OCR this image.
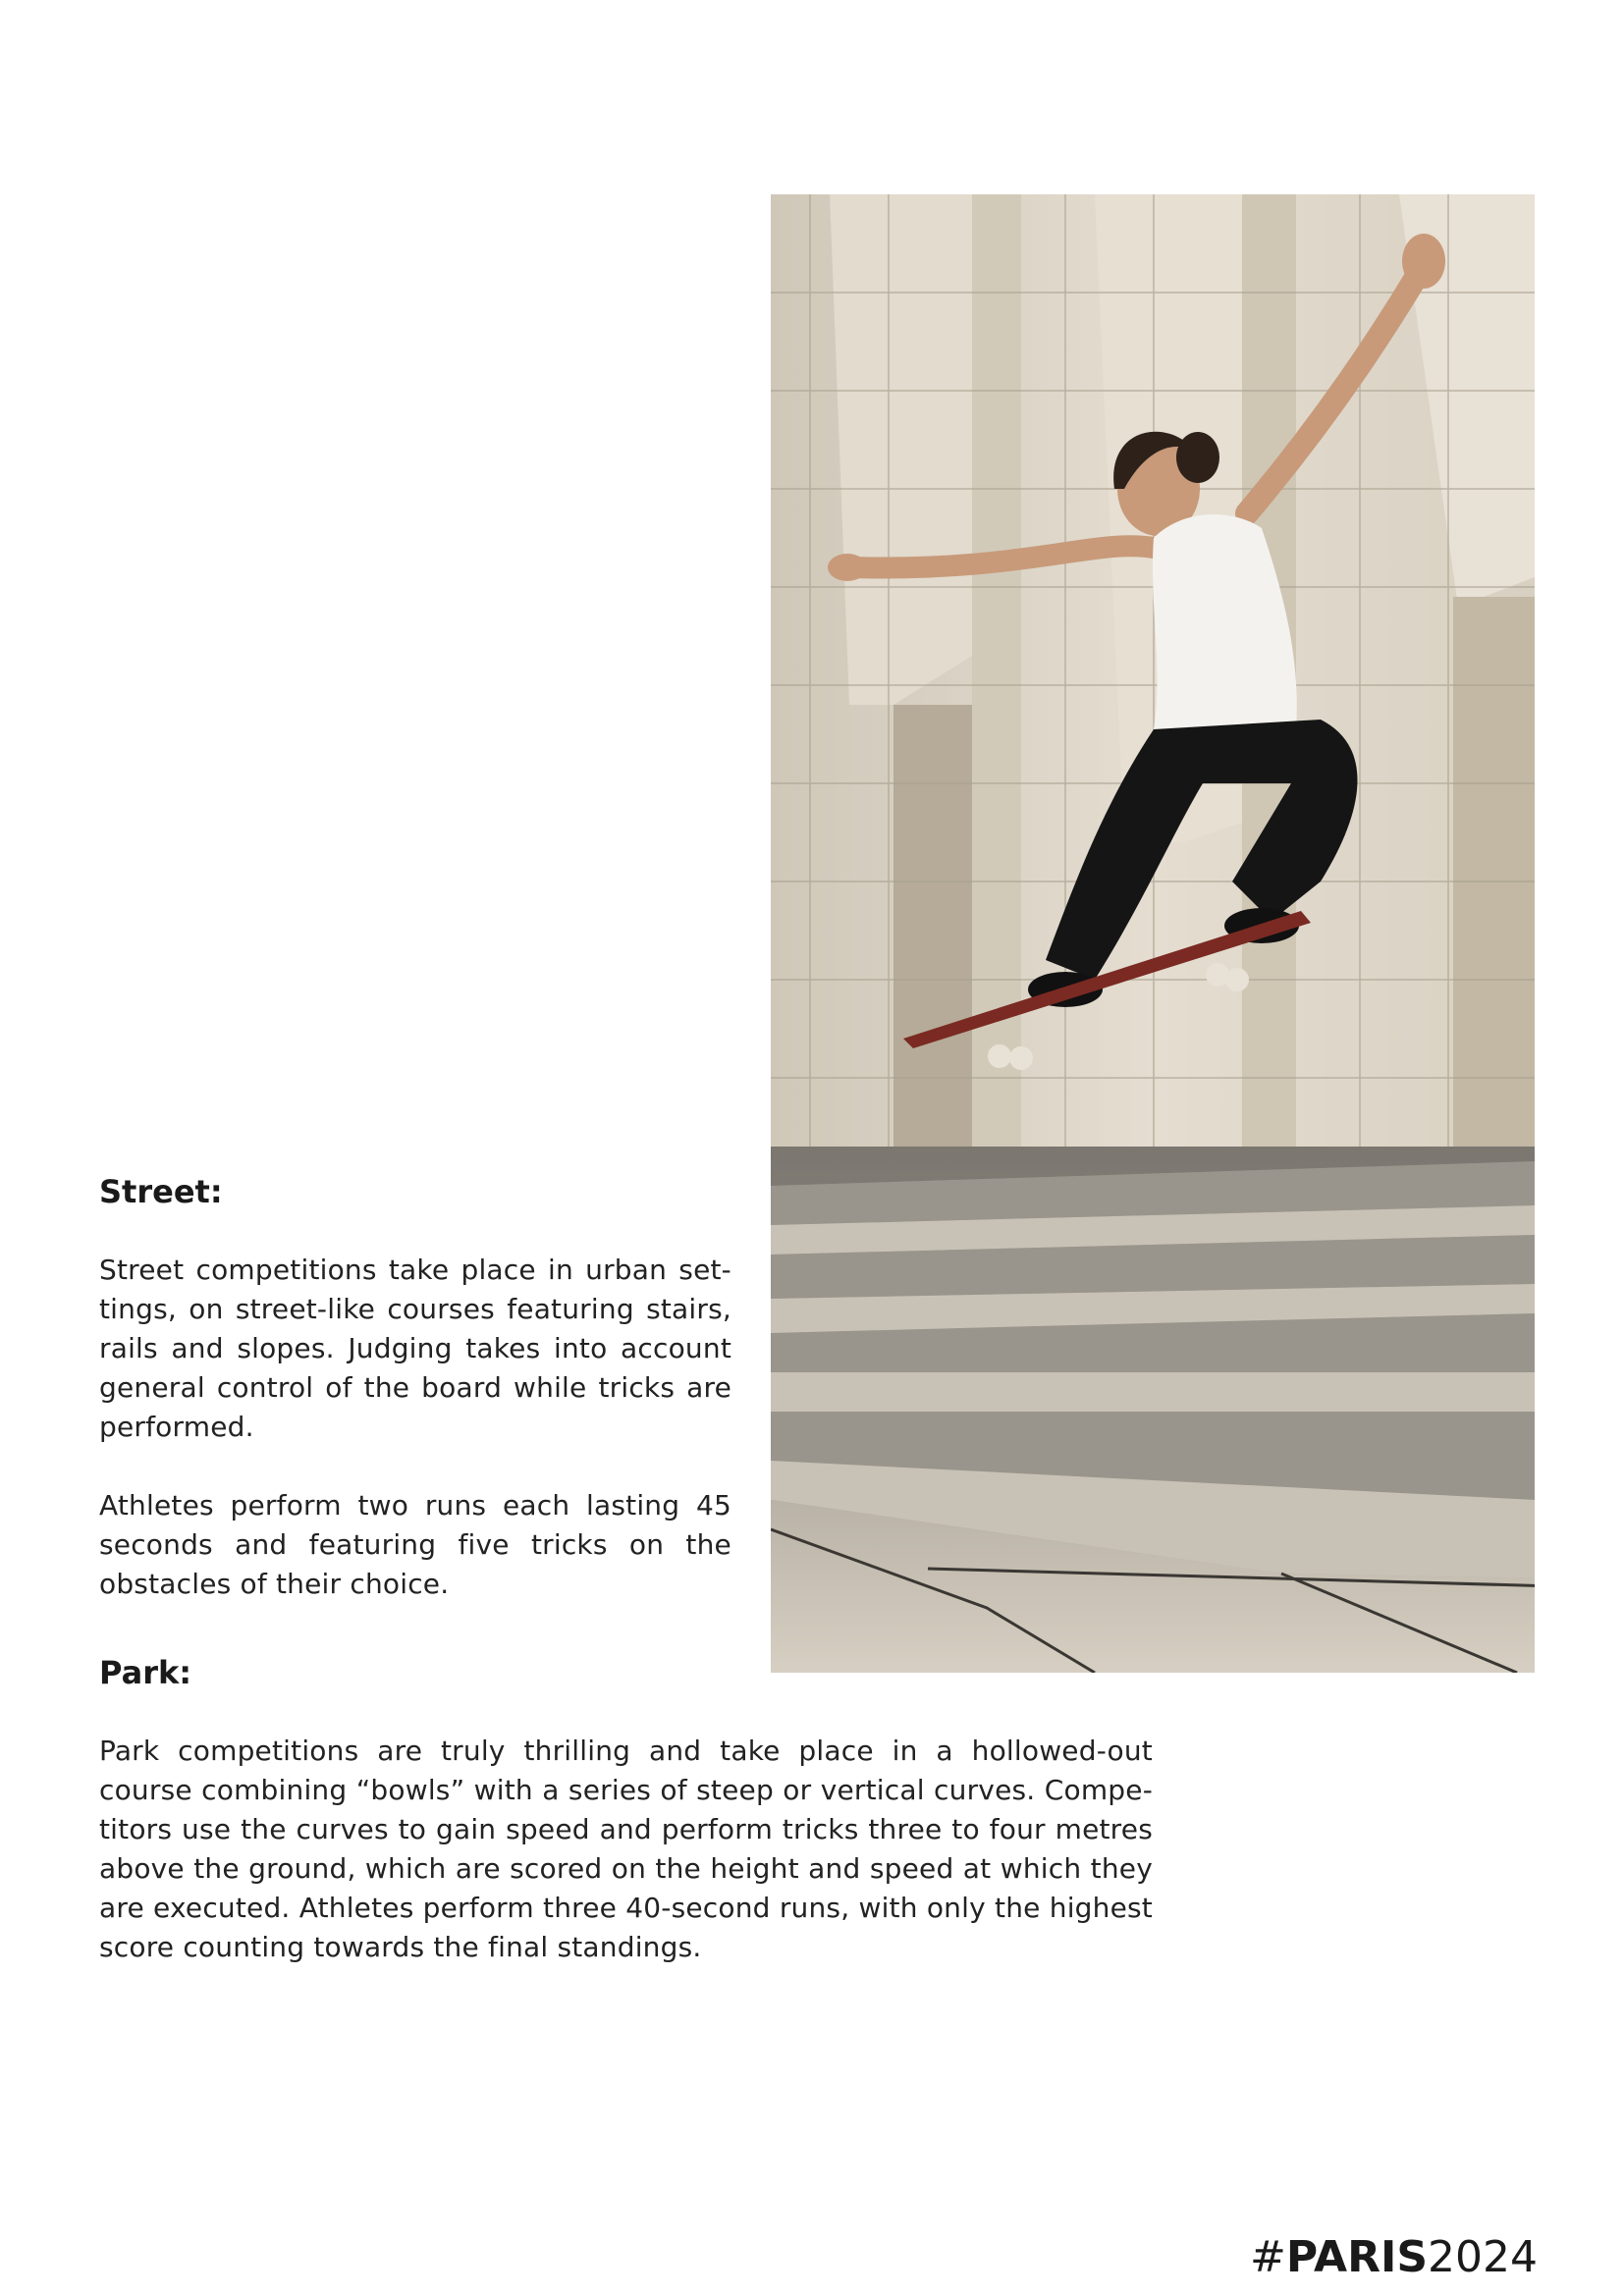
Street:

Street competitions take place in urban set- tings, on street-like courses featuring stairs, rails and slopes. Judging takes into account general control of the board while tricks are performed.

Athletes perform two runs each lasting 45 seconds and featuring five tricks on the obstacles of their choice.

Park:

Park competitions are truly thrilling and take place in a hollowed-out course combining “bowls” with a series of steep or vertical curves. Compe- titors use the curves to gain speed and perform tricks three to four metres above the ground, which are scored on the height and speed at which they are executed. Athletes perform three 40-second runs, with only the highest score counting towards the final standings.

#PARIS2024
